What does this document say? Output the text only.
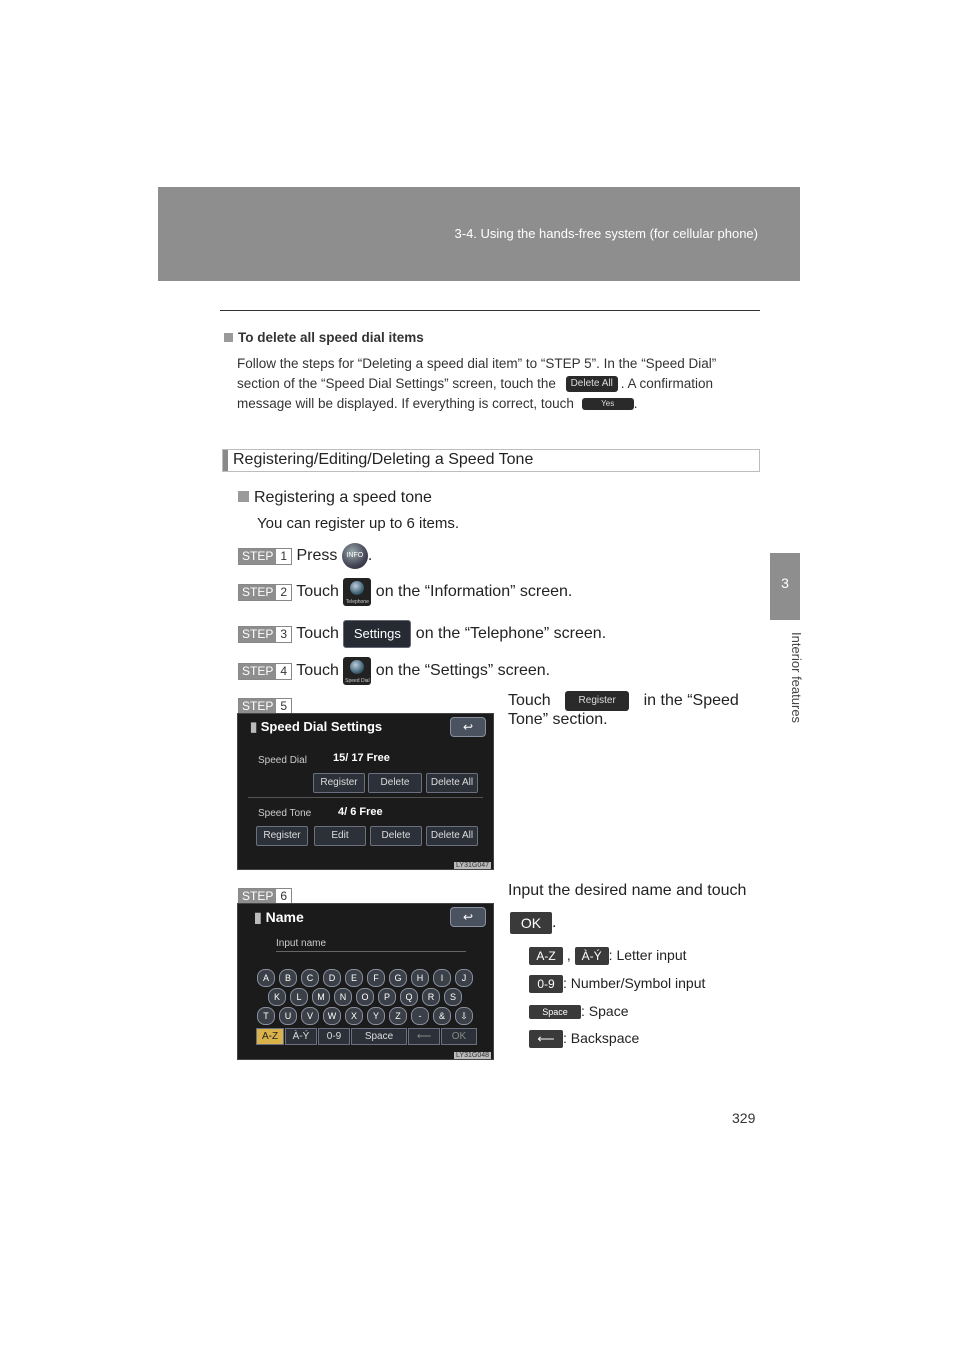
3-4. Using the hands-free system (for cellular phone)
3
Interior features
To delete all speed dial items
Follow the steps for “Deleting a speed dial item” to “STEP 5”. In the “Speed Dial”
section of the “Speed Dial Settings” screen, touch the Delete All . A confirmation
message will be displayed. If everything is correct, touch	Yes .
Registering/Editing/Deleting a Speed Tone
Registering a speed tone
You can register up to 6 items.
STEP 1 Press INFO .
STEP 2 Touch
Telephone
on the “Information” screen.
STEP 3 Touch Settings on the “Telephone” screen.
STEP 4 Touch
Speed Dial
on the “Settings” screen.
STEP 5
▮ Speed Dial Settings	↩
Speed Dial 15/ 17 Free
Register	Delete	Delete All
Speed Tone 4/ 6 Free
Register	Edit	Delete	Delete All
LY31G047
Touch	Register in the “Speed
Tone” section.
STEP 6
▮ Name	↩
Input name
A	B	C	D	E	F	G	H	I	J
K	L	M	N	O	P	Q	R	S
T	U	V	W	X	Y	Z	-	&	⇩
A-Z	À-Ý	0-9	Space	⟵	OK
LY31G048
Input the desired name and touch
OK .
A-Z , À-Ý : Letter input
0-9 : Number/Symbol input
Space : Space
⟵ : Backspace
329
